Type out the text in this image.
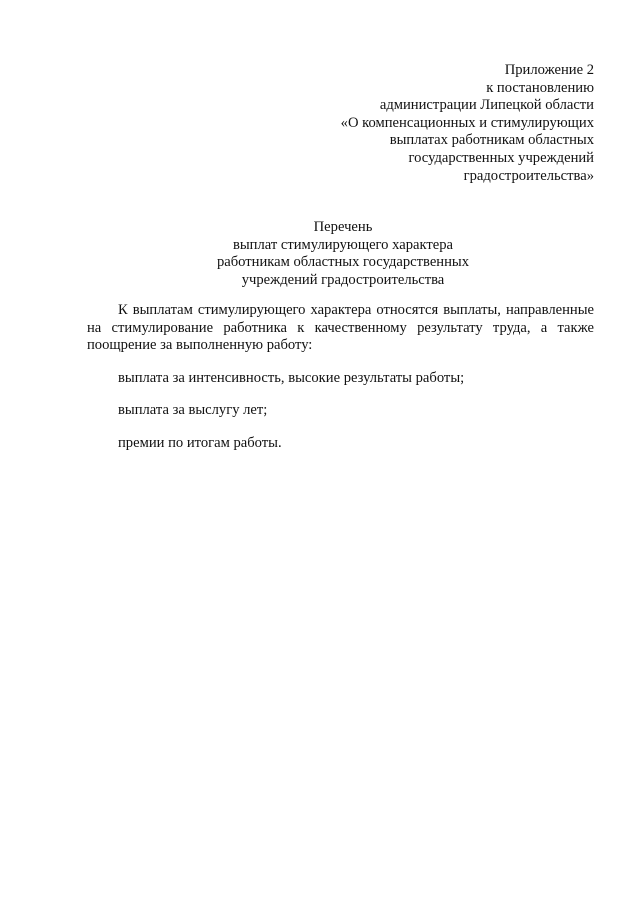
Приложение 2
к постановлению
администрации Липецкой области
«О компенсационных и стимулирующих
выплатах работникам областных
государственных учреждений
градостроительства»
Перечень
выплат стимулирующего характера
работникам областных государственных
учреждений градостроительства

К выплатам стимулирующего характера относятся выплаты, направленные на стимулирование работника к качественному результату труда, а также поощрение за выполненную работу:

выплата за интенсивность, высокие результаты работы;

выплата за выслугу лет;

премии по итогам работы.
